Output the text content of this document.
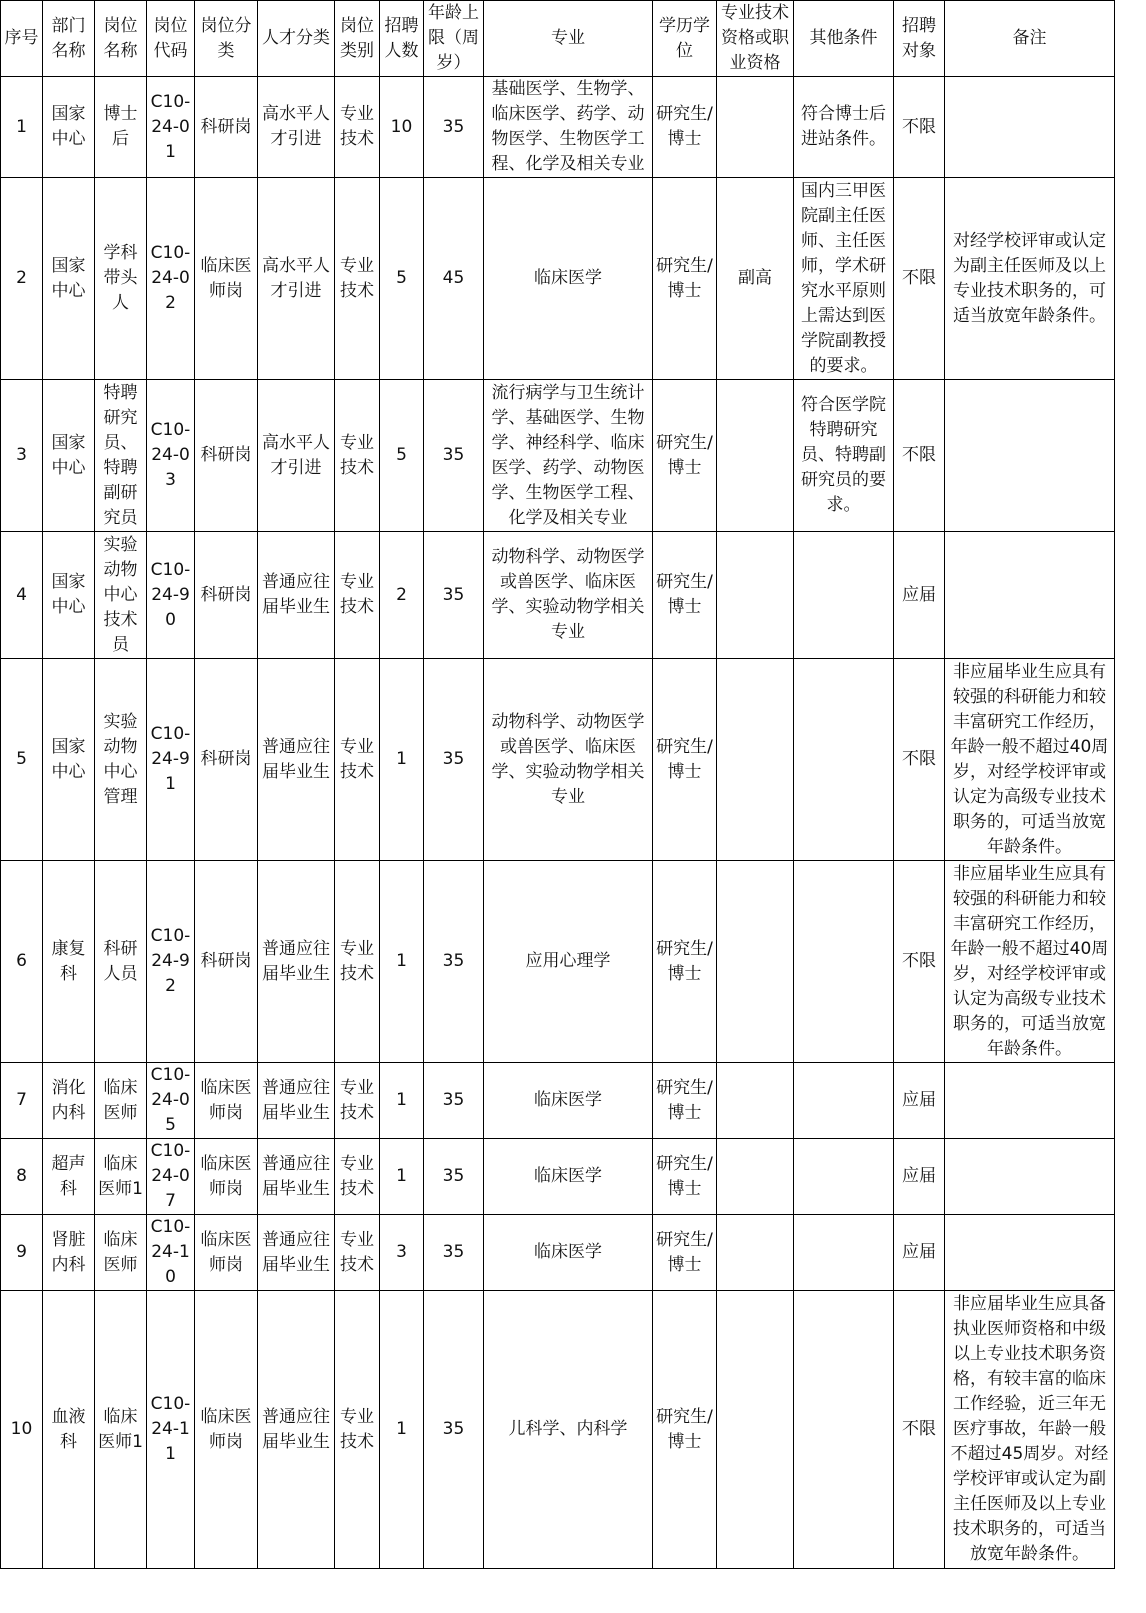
序号	部门名称	岗位名称	岗位代码	岗位分类	人才分类	岗位类别	招聘人数	年龄上限（周岁）	专业	学历学位	专业技术资格或职业资格	其他条件	招聘对象	备注
1	国家中心	博士后	C10-24-01	科研岗	高水平人才引进	专业技术	10	35	基础医学、生物学、临床医学、药学、动物医学、生物医学工程、化学及相关专业	研究生/博士		符合博士后进站条件。	不限	
2	国家中心	学科带头人	C10-24-02	临床医师岗	高水平人才引进	专业技术	5	45	临床医学	研究生/博士	副高	国内三甲医院副主任医师、主任医师，学术研究水平原则上需达到医学院副教授的要求。	不限	对经学校评审或认定为副主任医师及以上专业技术职务的，可适当放宽年龄条件。
3	国家中心	特聘研究员、特聘副研究员	C10-24-03	科研岗	高水平人才引进	专业技术	5	35	流行病学与卫生统计学、基础医学、生物学、神经科学、临床医学、药学、动物医学、生物医学工程、化学及相关专业	研究生/博士		符合医学院特聘研究员、特聘副研究员的要求。	不限	
4	国家中心	实验动物中心技术员	C10-24-90	科研岗	普通应往届毕业生	专业技术	2	35	动物科学、动物医学或兽医学、临床医学、实验动物学相关专业	研究生/博士			应届	
5	国家中心	实验动物中心管理	C10-24-91	科研岗	普通应往届毕业生	专业技术	1	35	动物科学、动物医学或兽医学、临床医学、实验动物学相关专业	研究生/博士			不限	非应届毕业生应具有较强的科研能力和较丰富研究工作经历，年龄一般不超过40周岁，对经学校评审或认定为高级专业技术职务的，可适当放宽年龄条件。
6	康复科	科研人员	C10-24-92	科研岗	普通应往届毕业生	专业技术	1	35	应用心理学	研究生/博士			不限	非应届毕业生应具有较强的科研能力和较丰富研究工作经历，年龄一般不超过40周岁，对经学校评审或认定为高级专业技术职务的，可适当放宽年龄条件。
7	消化内科	临床医师	C10-24-05	临床医师岗	普通应往届毕业生	专业技术	1	35	临床医学	研究生/博士			应届	
8	超声科	临床医师1	C10-24-07	临床医师岗	普通应往届毕业生	专业技术	1	35	临床医学	研究生/博士			应届	
9	肾脏内科	临床医师	C10-24-10	临床医师岗	普通应往届毕业生	专业技术	3	35	临床医学	研究生/博士			应届	
10	血液科	临床医师1	C10-24-11	临床医师岗	普通应往届毕业生	专业技术	1	35	儿科学、内科学	研究生/博士			不限	非应届毕业生应具备执业医师资格和中级以上专业技术职务资格，有较丰富的临床工作经验，近三年无医疗事故，年龄一般不超过45周岁。对经学校评审或认定为副主任医师及以上专业技术职务的，可适当放宽年龄条件。
